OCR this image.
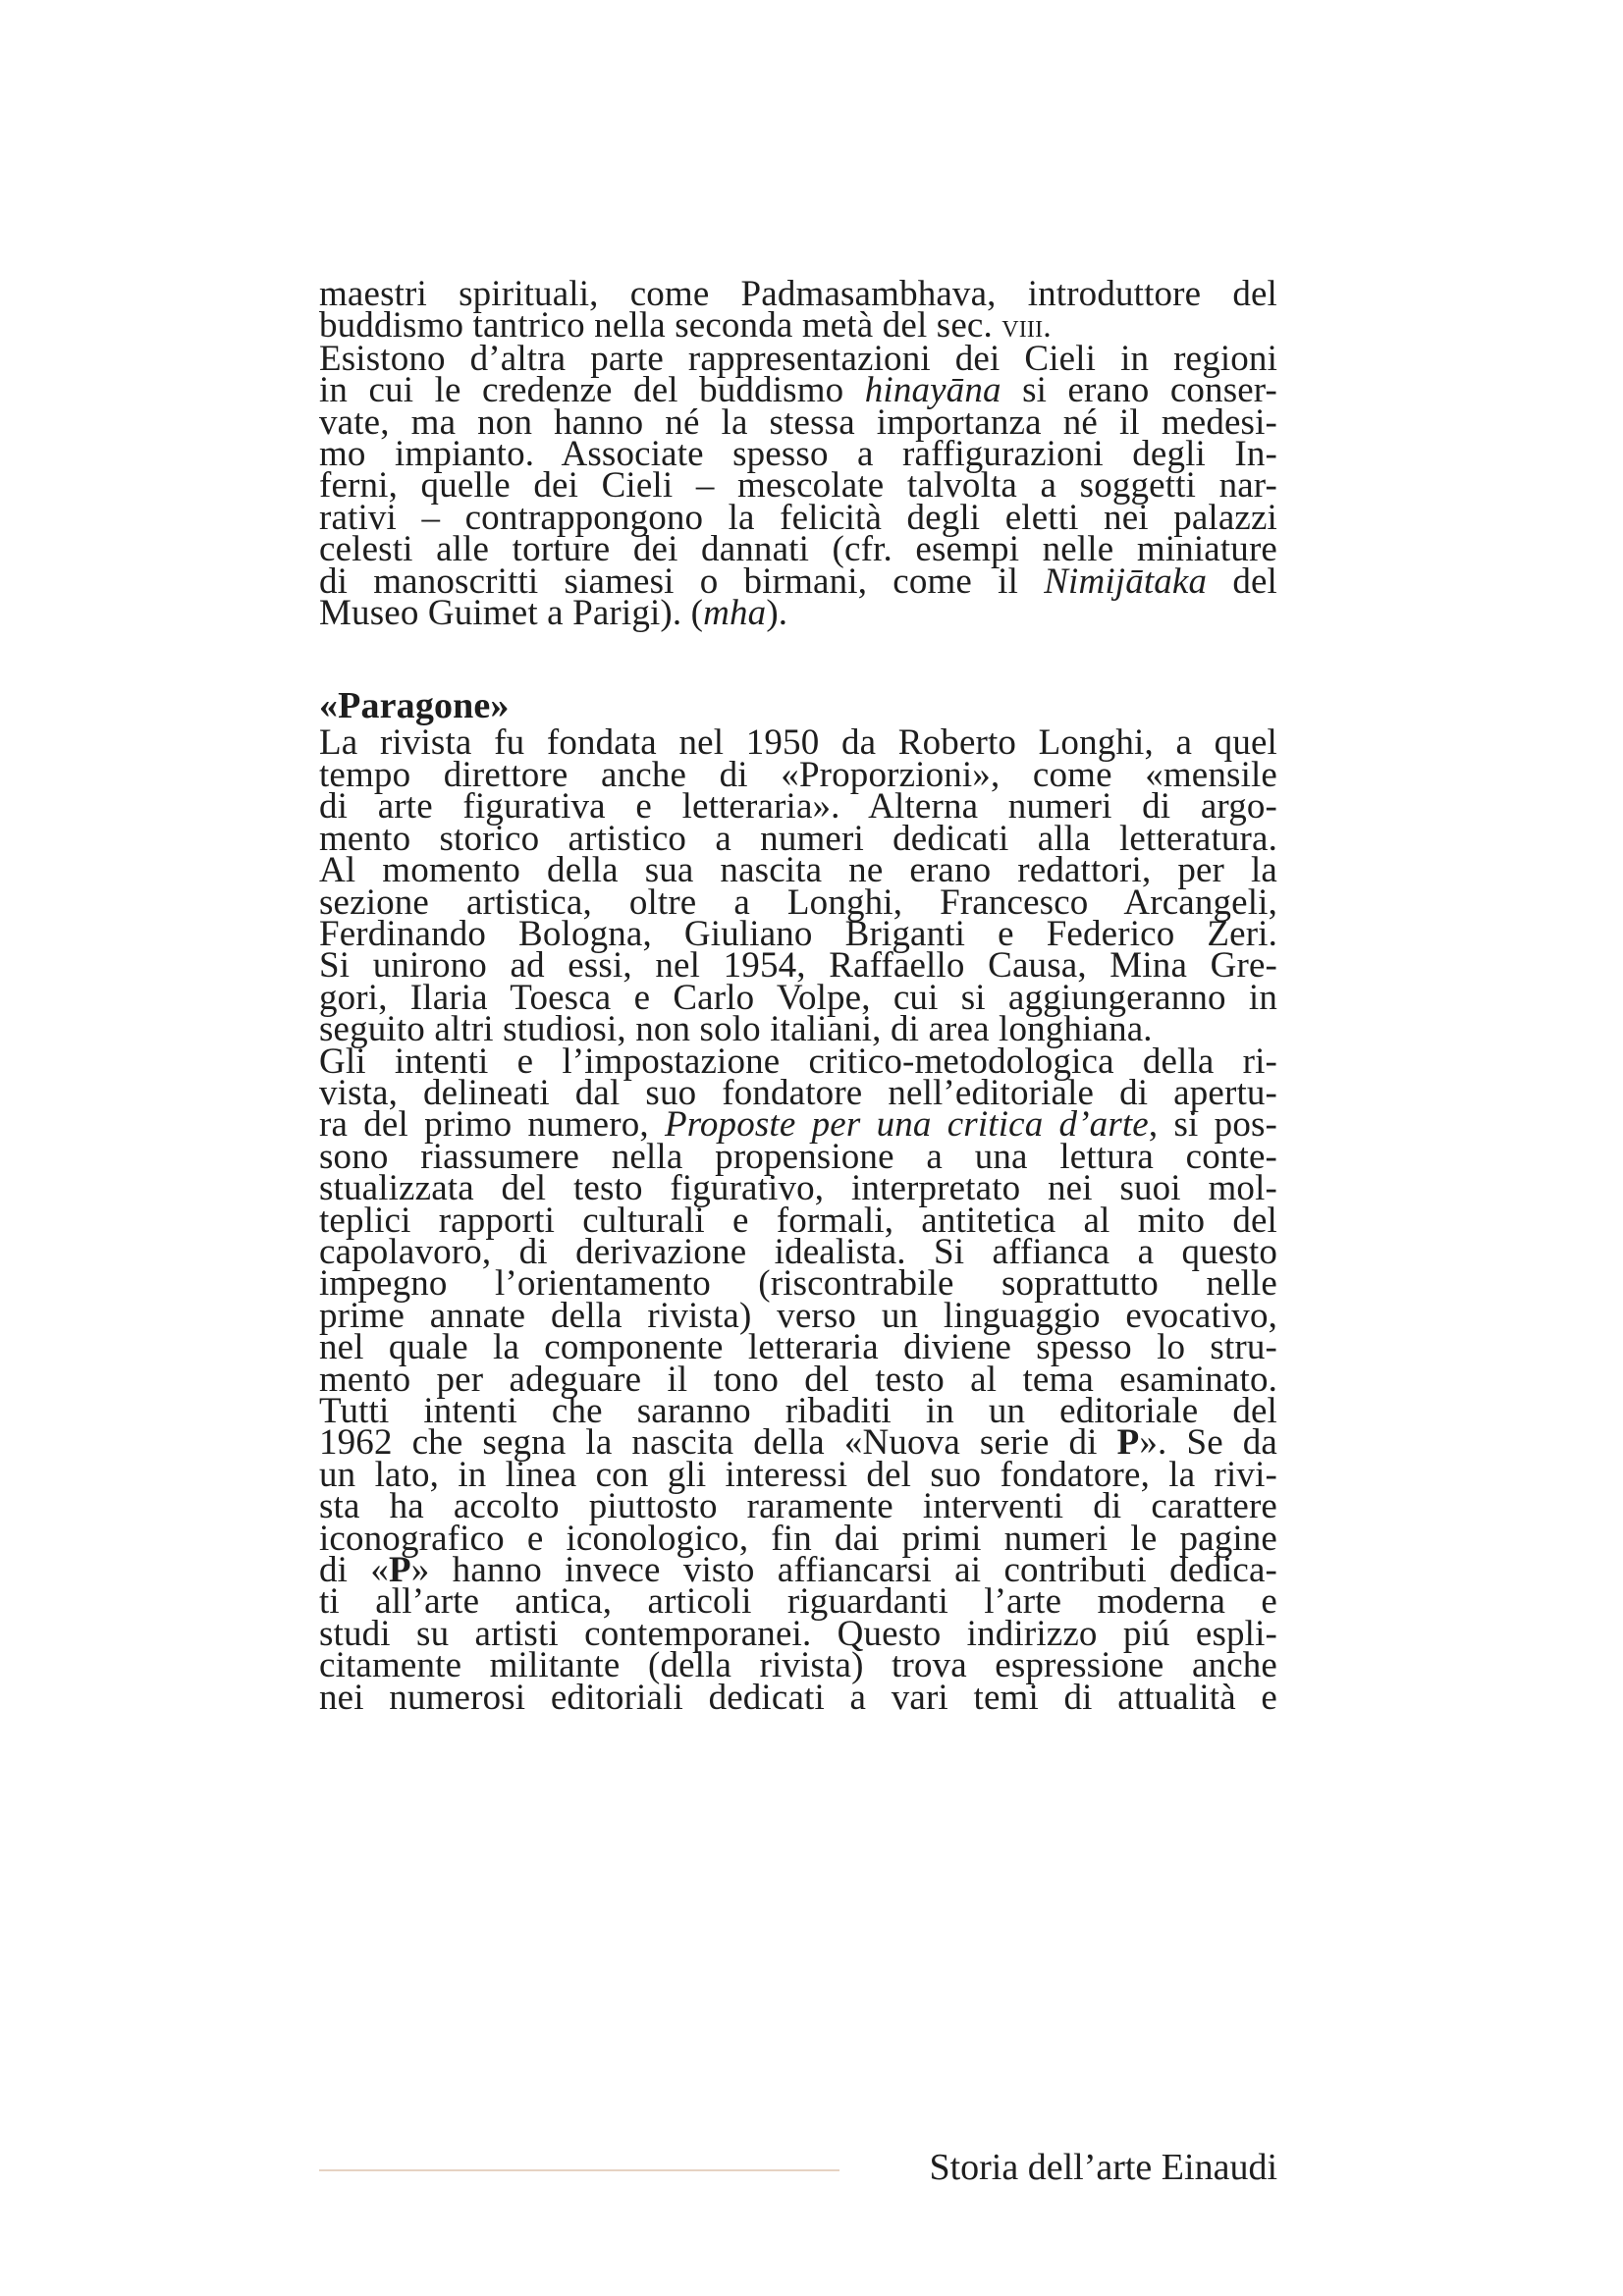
maestri spirituali, come Padmasambhava, introduttore del
buddismo tantrico nella seconda metà del sec. viii.
Esistono d’altra parte rappresentazioni dei Cieli in regioni
in cui le credenze del buddismo hinayāna si erano conser-
vate, ma non hanno né la stessa importanza né il medesi-
mo impianto. Associate spesso a raffigurazioni degli In-
ferni, quelle dei Cieli – mescolate talvolta a soggetti nar-
rativi – contrappongono la felicità degli eletti nei palazzi
celesti alle torture dei dannati (cfr. esempi nelle miniature
di manoscritti siamesi o birmani, come il Nimijātaka del
Museo Guimet a Parigi). (mha).
«Paragone»
La rivista fu fondata nel 1950 da Roberto Longhi, a quel
tempo direttore anche di «Proporzioni», come «mensile
di arte figurativa e letteraria». Alterna numeri di argo-
mento storico artistico a numeri dedicati alla letteratura.
Al momento della sua nascita ne erano redattori, per la
sezione artistica, oltre a Longhi, Francesco Arcangeli,
Ferdinando Bologna, Giuliano Briganti e Federico Zeri.
Si unirono ad essi, nel 1954, Raffaello Causa, Mina Gre-
gori, Ilaria Toesca e Carlo Volpe, cui si aggiungeranno in
seguito altri studiosi, non solo italiani, di area longhiana.
Gli intenti e l’impostazione critico-metodologica della ri-
vista, delineati dal suo fondatore nell’editoriale di apertu-
ra del primo numero, Proposte per una critica d’arte, si pos-
sono riassumere nella propensione a una lettura conte-
stualizzata del testo figurativo, interpretato nei suoi mol-
teplici rapporti culturali e formali, antitetica al mito del
capolavoro, di derivazione idealista. Si affianca a questo
impegno l’orientamento (riscontrabile soprattutto nelle
prime annate della rivista) verso un linguaggio evocativo,
nel quale la componente letteraria diviene spesso lo stru-
mento per adeguare il tono del testo al tema esaminato.
Tutti intenti che saranno ribaditi in un editoriale del
1962 che segna la nascita della «Nuova serie di P». Se da
un lato, in linea con gli interessi del suo fondatore, la rivi-
sta ha accolto piuttosto raramente interventi di carattere
iconografico e iconologico, fin dai primi numeri le pagine
di «P» hanno invece visto affiancarsi ai contributi dedica-
ti all’arte antica, articoli riguardanti l’arte moderna e
studi su artisti contemporanei. Questo indirizzo piú espli-
citamente militante (della rivista) trova espressione anche
nei numerosi editoriali dedicati a vari temi di attualità e
Storia dell’arte Einaudi
